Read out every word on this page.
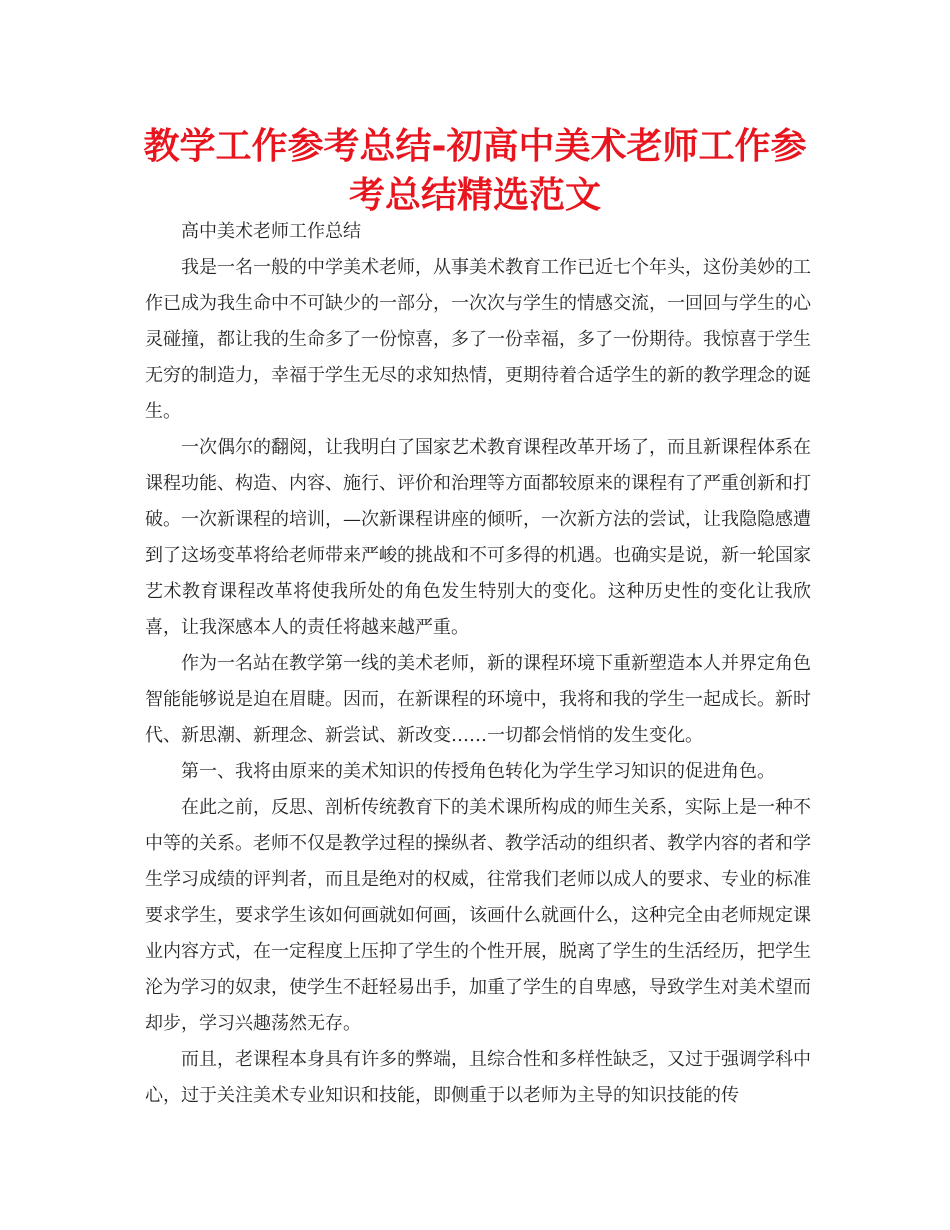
教学工作参考总结-初高中美术老师工作参考总结精选范文

高中美术老师工作总结

我是一名一般的中学美术老师，从事美术教育工作已近七个年头，这份美妙的工作已成为我生命中不可缺少的一部分，一次次与学生的情感交流，一回回与学生的心灵碰撞，都让我的生命多了一份惊喜，多了一份幸福，多了一份期待。我惊喜于学生无穷的制造力，幸福于学生无尽的求知热情，更期待着合适学生的新的教学理念的诞生。

一次偶尔的翻阅，让我明白了国家艺术教育课程改革开场了，而且新课程体系在课程功能、构造、内容、施行、评价和治理等方面都较原来的课程有了严重创新和打破。一次新课程的培训，—次新课程讲座的倾听，一次新方法的尝试，让我隐隐感遭到了这场变革将给老师带来严峻的挑战和不可多得的机遇。也确实是说，新一轮国家艺术教育课程改革将使我所处的角色发生特别大的变化。这种历史性的变化让我欣喜，让我深感本人的责任将越来越严重。

作为一名站在教学第一线的美术老师，新的课程环境下重新塑造本人并界定角色智能能够说是迫在眉睫。因而，在新课程的环境中，我将和我的学生一起成长。新时代、新思潮、新理念、新尝试、新改变……一切都会悄悄的发生变化。

第一、我将由原来的美术知识的传授角色转化为学生学习知识的促进角色。

在此之前，反思、剖析传统教育下的美术课所构成的师生关系，实际上是一种不中等的关系。老师不仅是教学过程的操纵者、教学活动的组织者、教学内容的者和学生学习成绩的评判者，而且是绝对的权威，往常我们老师以成人的要求、专业的标准要求学生，要求学生该如何画就如何画，该画什么就画什么，这种完全由老师规定课业内容方式，在一定程度上压抑了学生的个性开展，脱离了学生的生活经历，把学生沦为学习的奴隶，使学生不赶轻易出手，加重了学生的自卑感，导致学生对美术望而却步，学习兴趣荡然无存。

而且，老课程本身具有许多的弊端，且综合性和多样性缺乏，又过于强调学科中心，过于关注美术专业知识和技能，即侧重于以老师为主导的知识技能的传
